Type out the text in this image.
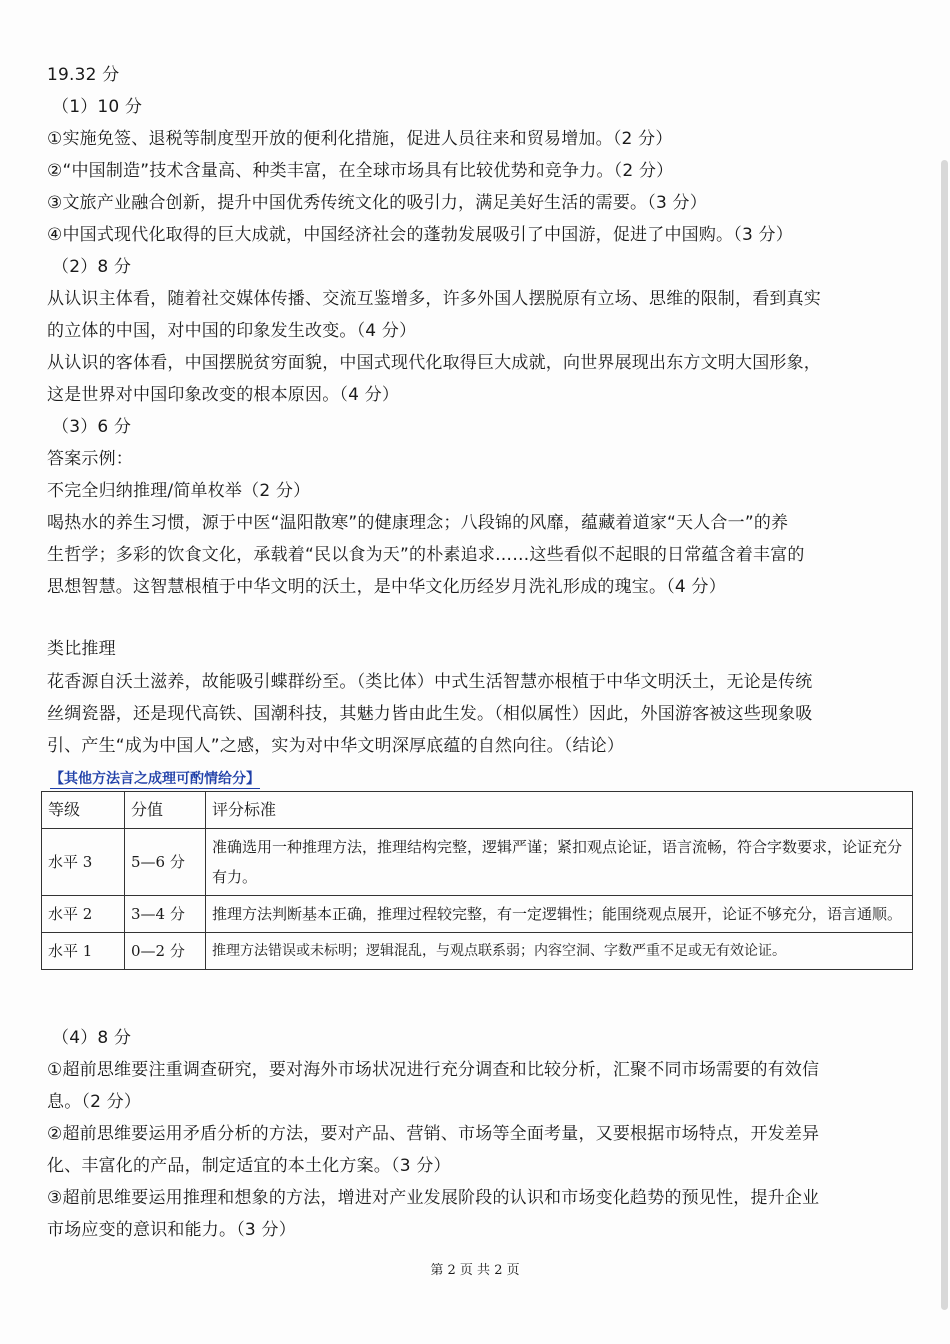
19.32 分
（1）10 分
①实施免签、退税等制度型开放的便利化措施，促进人员往来和贸易增加。（2 分）
②“中国制造”技术含量高、种类丰富，在全球市场具有比较优势和竞争力。（2 分）
③文旅产业融合创新，提升中国优秀传统文化的吸引力，满足美好生活的需要。（3 分）
④中国式现代化取得的巨大成就，中国经济社会的蓬勃发展吸引了中国游，促进了中国购。（3 分）
（2）8 分
从认识主体看，随着社交媒体传播、交流互鉴增多，许多外国人摆脱原有立场、思维的限制，看到真实
的立体的中国，对中国的印象发生改变。（4 分）
从认识的客体看，中国摆脱贫穷面貌，中国式现代化取得巨大成就，向世界展现出东方文明大国形象，
这是世界对中国印象改变的根本原因。（4 分）
（3）6 分
答案示例：
不完全归纳推理/简单枚举（2 分）
喝热水的养生习惯，源于中医“温阳散寒”的健康理念；八段锦的风靡，蕴藏着道家“天人合一”的养
生哲学；多彩的饮食文化，承载着“民以食为天”的朴素追求……这些看似不起眼的日常蕴含着丰富的
思想智慧。这智慧根植于中华文明的沃土，是中华文化历经岁月洗礼形成的瑰宝。（4 分）
类比推理
花香源自沃土滋养，故能吸引蝶群纷至。（类比体）中式生活智慧亦根植于中华文明沃土，无论是传统
丝绸瓷器，还是现代高铁、国潮科技，其魅力皆由此生发。（相似属性）因此，外国游客被这些现象吸
引、产生“成为中国人”之感，实为对中华文明深厚底蕴的自然向往。（结论）
【其他方法言之成理可酌情给分】
等级	分值	评分标准
水平 3	5—6 分	准确选用一种推理方法，推理结构完整，逻辑严谨；紧扣观点论证，语言流畅，符合字数要求，论证充分有力。
水平 2	3—4 分	推理方法判断基本正确，推理过程较完整，有一定逻辑性；能围绕观点展开，论证不够充分，语言通顺。
水平 1	0—2 分	推理方法错误或未标明；逻辑混乱，与观点联系弱；内容空洞、字数严重不足或无有效论证。
（4）8 分
①超前思维要注重调查研究，要对海外市场状况进行充分调查和比较分析，汇聚不同市场需要的有效信
息。（2 分）
②超前思维要运用矛盾分析的方法，要对产品、营销、市场等全面考量，又要根据市场特点，开发差异
化、丰富化的产品，制定适宜的本土化方案。（3 分）
③超前思维要运用推理和想象的方法，增进对产业发展阶段的认识和市场变化趋势的预见性，提升企业
市场应变的意识和能力。（3 分）
第 2 页 共 2 页
